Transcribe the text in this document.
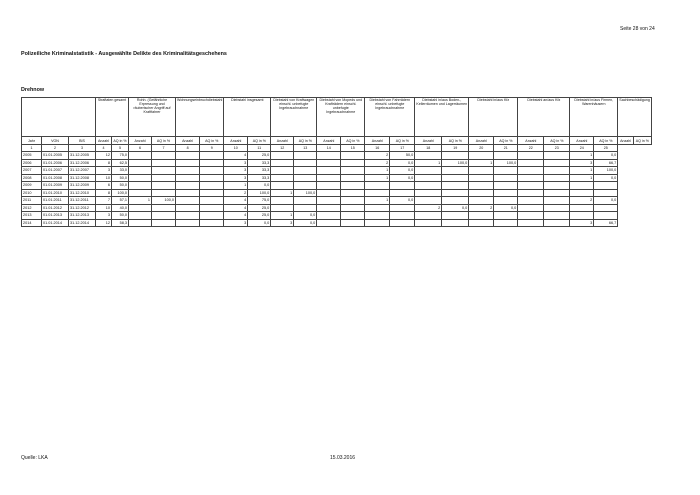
Seite 28 von 24
Polizeiliche Kriminalstatistik - Ausgewählte Delikte des Kriminalitätsgeschehens
Drehnow
			Straftaten gesamt		Rohh. (Gefährliche Erpressung und räuberischer Angriff auf Kraftfahrer		Wohnungseinbruchdiebstahl		Diebstahl insgesamt		Diebstahl von Kraftwagen einschl. unbefugte Ingebrauchnahme		Diebstahl von Mopeds und Krafträdern einschl. unbefugte Ingebrauchnahme		Diebstahl von Fahrrädern einschl. unbefugte Ingebrauchnahme		Diebstahl in/aus Boden-, Kellerräumen und Lagerräumen		Diebstahl in/aus Kfz		Diebstahl an/aus Kfz		Diebstahl in/aus Firmen, Warenhäusern		Sachbeschädigung	
Jahr	VON	BIS	Anzahl	AQ in %	Anzahl	AQ in %	Anzahl	AQ in %	Anzahl	AQ in %	Anzahl	AQ in %	Anzahl	AQ in %	Anzahl	AQ in %	Anzahl	AQ in %	Anzahl	AQ in %	Anzahl	AQ in %	Anzahl	AQ in %	Anzahl	AQ in %
1	2	3	4	5	6	7	8	9	10	11	12	13	14	15	16	17	18	19	20	21	22	23	24	25		
2005	01.01.2005	31.12.2005	12	75,0					4	25,0					2	50,0							1	0,0		
2006	01.01.2006	31.12.2006	8	62,5					3	33,3					2	0,0	1	100,0	1	100,0			3	66,7		
2007	01.01.2007	31.12.2007	3	33,0					3	33,3					1	0,0							1	100,0		
2008	01.01.2008	31.12.2008	10	50,0					3	33,3					1	0,0							1	0,0		
2009	01.01.2009	31.12.2009	6	50,0					1	0,0																
2010	01.01.2010	31.12.2010	8	100,0					2	100,0	1	100,0														
2011	01.01.2011	31.12.2011	7	57,1	1	100,0			4	75,0					1	0,0							2	0,0		
2012	01.01.2012	31.12.2012	10	40,0					4	25,0							2	0,0	2	0,0						
2013	01.01.2013	31.12.2013	3	50,0					4	25,0	1	0,0														
2014	01.01.2014	31.12.2014	12	58,3					3	0,0	3	0,0											3	66,7		
Quelle: LKA	15.03.2016
